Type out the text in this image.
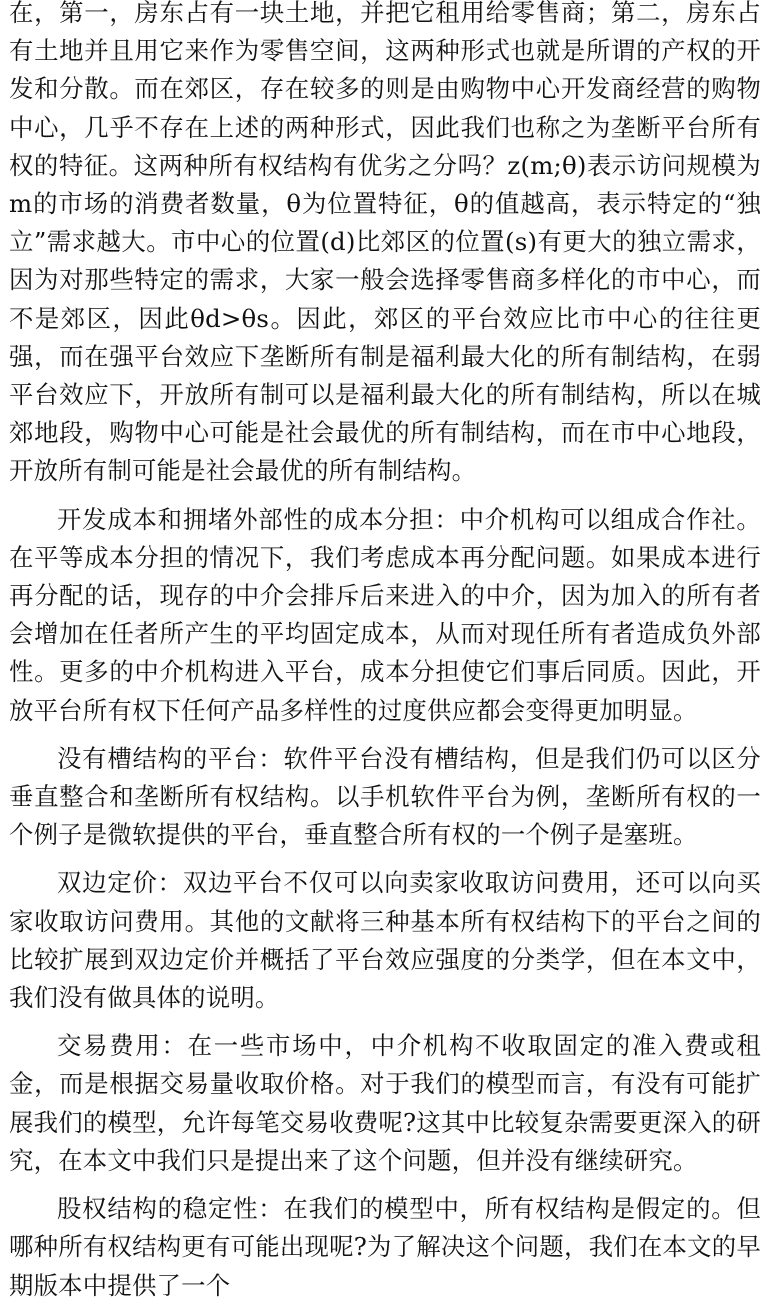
在，第一，房东占有一块土地，并把它租用给零售商；第二，房东占有土地并且用它来作为零售空间，这两种形式也就是所谓的产权的开发和分散。而在郊区，存在较多的则是由购物中心开发商经营的购物中心，几乎不存在上述的两种形式，因此我们也称之为垄断平台所有权的特征。这两种所有权结构有优劣之分吗？z(m;θ)表示访问规模为m的市场的消费者数量，θ为位置特征，θ的值越高，表示特定的“独立”需求越大。市中心的位置(d)比郊区的位置(s)有更大的独立需求，因为对那些特定的需求，大家一般会选择零售商多样化的市中心，而不是郊区，因此θd>θs。因此，郊区的平台效应比市中心的往往更强，而在强平台效应下垄断所有制是福利最大化的所有制结构，在弱平台效应下，开放所有制可以是福利最大化的所有制结构，所以在城郊地段，购物中心可能是社会最优的所有制结构，而在市中心地段，开放所有制可能是社会最优的所有制结构。

开发成本和拥堵外部性的成本分担：中介机构可以组成合作社。在平等成本分担的情况下，我们考虑成本再分配问题。如果成本进行再分配的话，现存的中介会排斥后来进入的中介，因为加入的所有者会增加在任者所产生的平均固定成本，从而对现任所有者造成负外部性。更多的中介机构进入平台，成本分担使它们事后同质。因此，开放平台所有权下任何产品多样性的过度供应都会变得更加明显。

没有槽结构的平台：软件平台没有槽结构，但是我们仍可以区分垂直整合和垄断所有权结构。以手机软件平台为例，垄断所有权的一个例子是微软提供的平台，垂直整合所有权的一个例子是塞班。

双边定价：双边平台不仅可以向卖家收取访问费用，还可以向买家收取访问费用。其他的文献将三种基本所有权结构下的平台之间的比较扩展到双边定价并概括了平台效应强度的分类学，但在本文中，我们没有做具体的说明。

交易费用：在一些市场中，中介机构不收取固定的准入费或租金，而是根据交易量收取价格。对于我们的模型而言，有没有可能扩展我们的模型，允许每笔交易收费呢?这其中比较复杂需要更深入的研究，在本文中我们只是提出来了这个问题，但并没有继续研究。

股权结构的稳定性：在我们的模型中，所有权结构是假定的。但哪种所有权结构更有可能出现呢?为了解决这个问题，我们在本文的早期版本中提供了一个
